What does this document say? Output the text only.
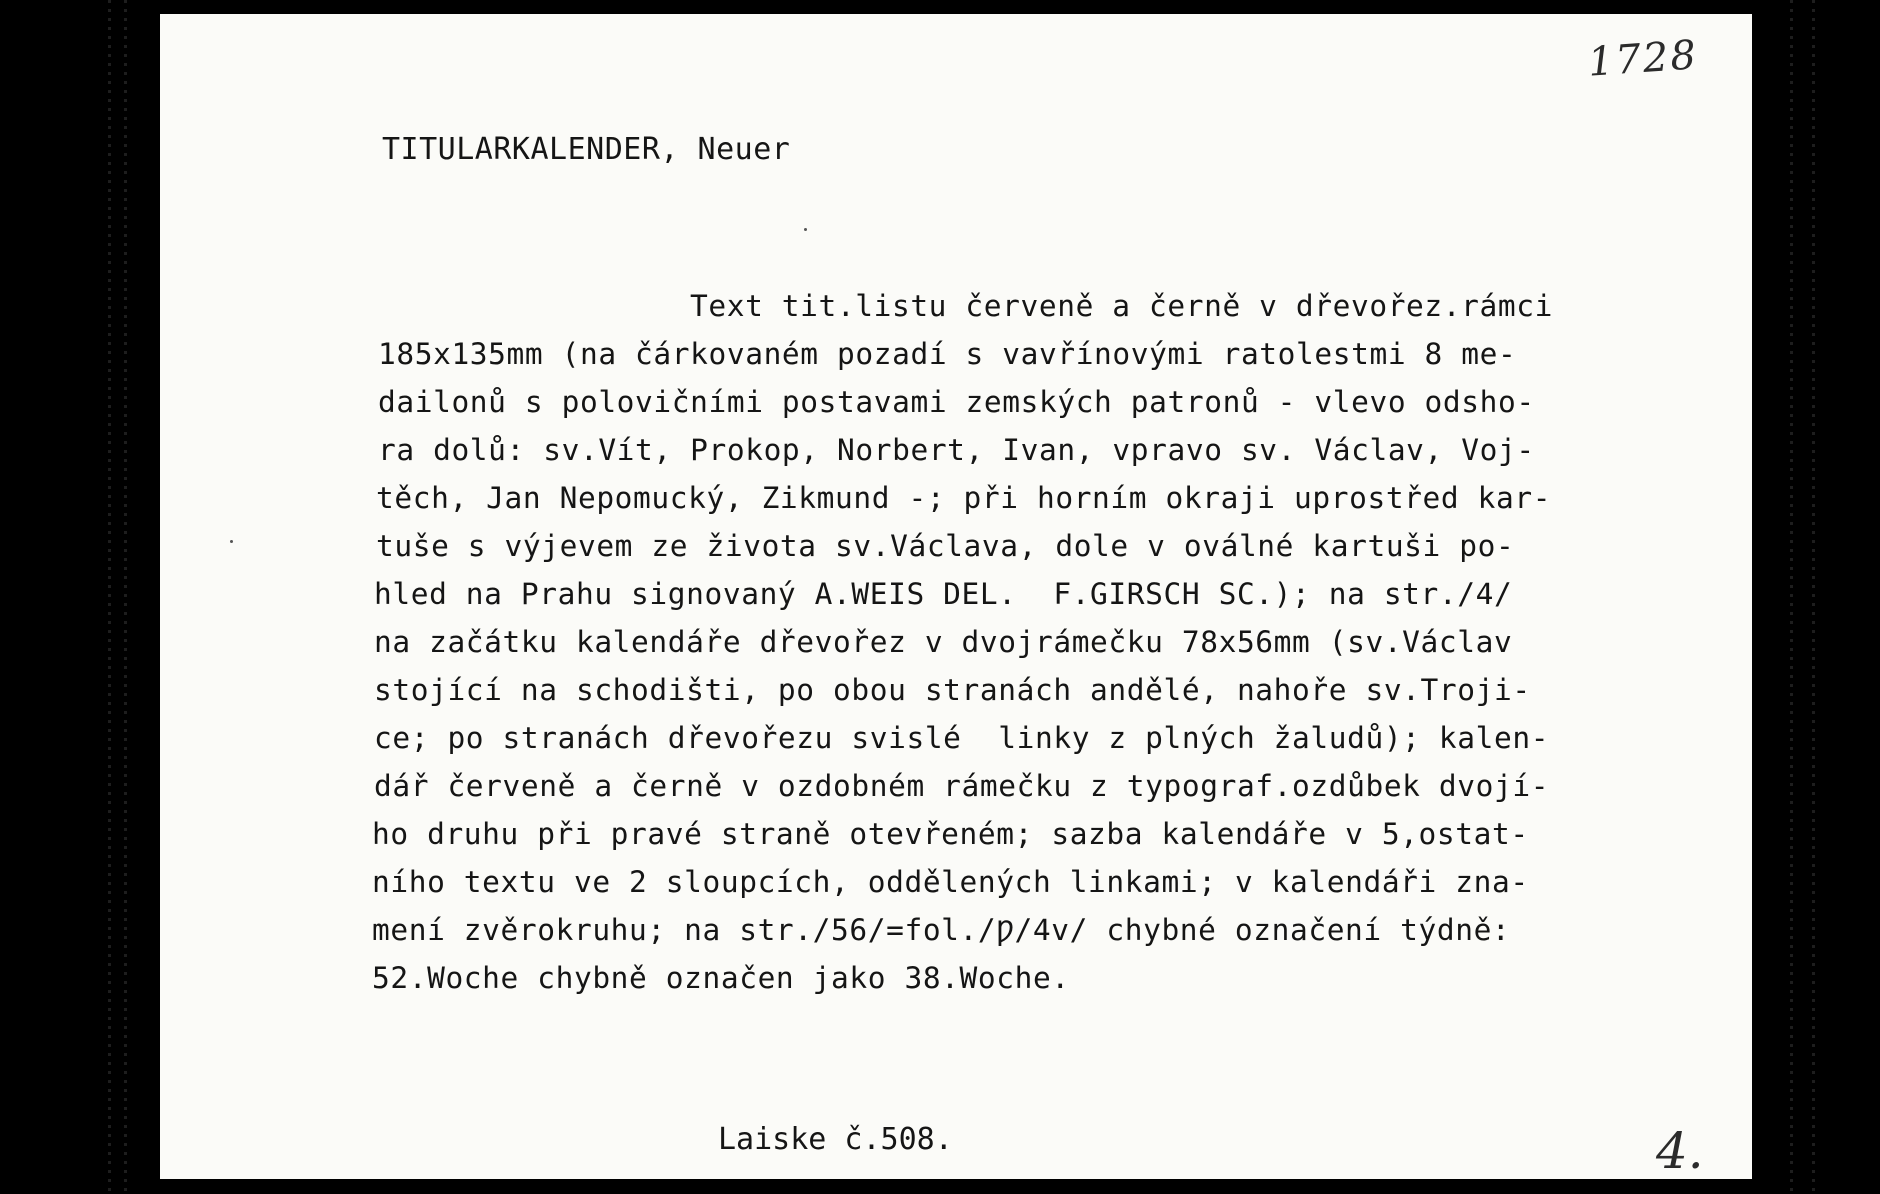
1728
TITULARKALENDER, Neuer
Text tit.listu červeně a černě v dřevořez.rámci
185x135mm (na čárkovaném pozadí s vavřínovými ratolestmi 8 me-
dailonů s polovičními postavami zemských patronů - vlevo odsho-
ra dolů: sv.Vít, Prokop, Norbert, Ivan, vpravo sv. Václav, Voj-
těch, Jan Nepomucký, Zikmund -; při horním okraji uprostřed kar-
tuše s výjevem ze života sv.Václava, dole v oválné kartuši po-
hled na Prahu signovaný A.WEIS DEL.  F.GIRSCH SC.); na str./4/
na začátku kalendáře dřevořez v dvojrámečku 78x56mm (sv.Václav
stojící na schodišti, po obou stranách andělé, nahoře sv.Troji-
ce; po stranách dřevořezu svislé  linky z plných žaludů); kalen-
dář červeně a černě v ozdobném rámečku z typograf.ozdůbek dvojí-
ho druhu při pravé straně otevřeném; sazba kalendáře v 5,ostat-
ního textu ve 2 sloupcích, oddělených linkami; v kalendáři zna-
mení zvěrokruhu; na str./56/=fol./Ƿ/4v/ chybné označení týdně:
52.Woche chybně označen jako 38.Woche.
Laiske č.508.	4.
